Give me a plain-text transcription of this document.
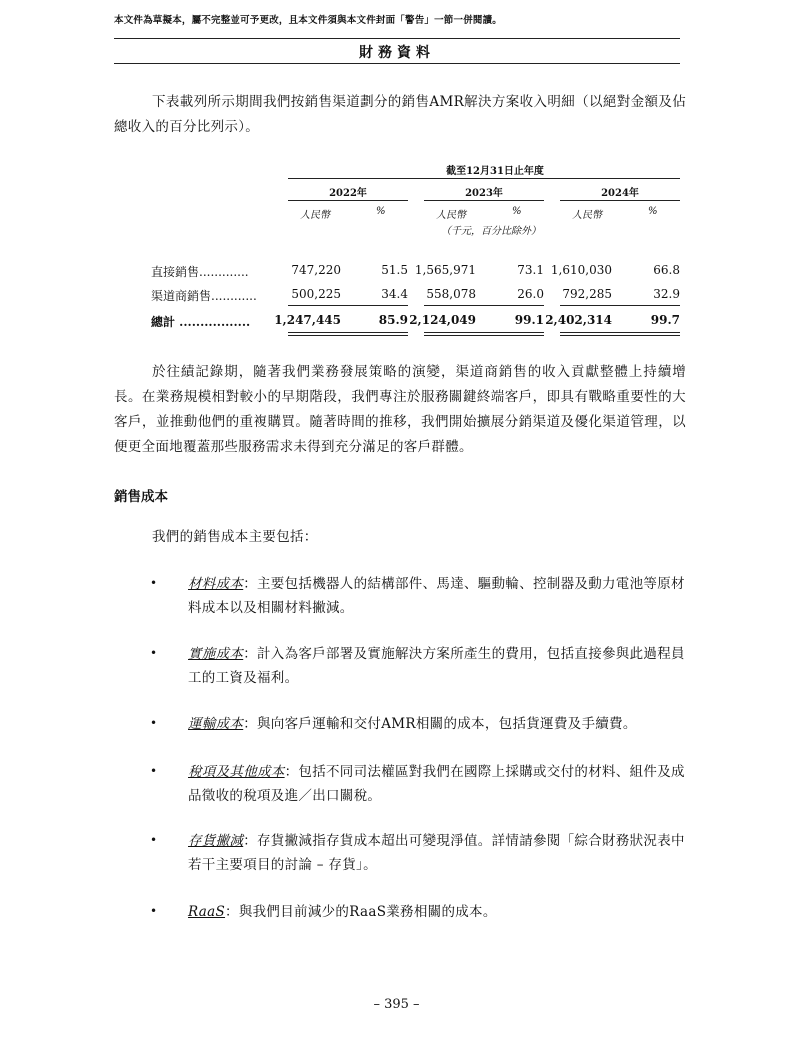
本文件為草擬本，屬不完整並可予更改，且本文件須與本文件封面「警告」一節一併閱讀。
財務資料
下表載列所示期間我們按銷售渠道劃分的銷售AMR解決方案收入明細（以絕對金額及佔總收入的百分比列示）。
截至12月31日止年度
2022年	2023年	2024年
人民幣	%	人民幣	%	人民幣	%
（千元，百分比除外）
直接銷售.............	747,220	51.5 1,565,971	73.1 1,610,030	66.8
渠道商銷售............	500,225	34.4 558,078	26.0 792,285	32.9
總計 ................. 1,247,445	85.9 2,124,049	99.1 2,402,314	99.7
於往績記錄期，隨著我們業務發展策略的演變，渠道商銷售的收入貢獻整體上持續增長。在業務規模相對較小的早期階段，我們專注於服務關鍵終端客戶，即具有戰略重要性的大客戶，並推動他們的重複購買。隨著時間的推移，我們開始擴展分銷渠道及優化渠道管理，以便更全面地覆蓋那些服務需求未得到充分滿足的客戶群體。
銷售成本
我們的銷售成本主要包括：
• 材料成本：主要包括機器人的結構部件、馬達、驅動輪、控制器及動力電池等原材料成本以及相關材料撇減。
• 實施成本：計入為客戶部署及實施解決方案所產生的費用，包括直接參與此過程員工的工資及福利。
• 運輸成本：與向客戶運輸和交付AMR相關的成本，包括貨運費及手續費。
• 稅項及其他成本：包括不同司法權區對我們在國際上採購或交付的材料、組件及成品徵收的稅項及進／出口關稅。
• 存貨撇減：存貨撇減指存貨成本超出可變現淨值。詳情請參閱「綜合財務狀況表中若干主要項目的討論 – 存貨」。
• RaaS：與我們目前減少的RaaS業務相關的成本。
– 395 –
